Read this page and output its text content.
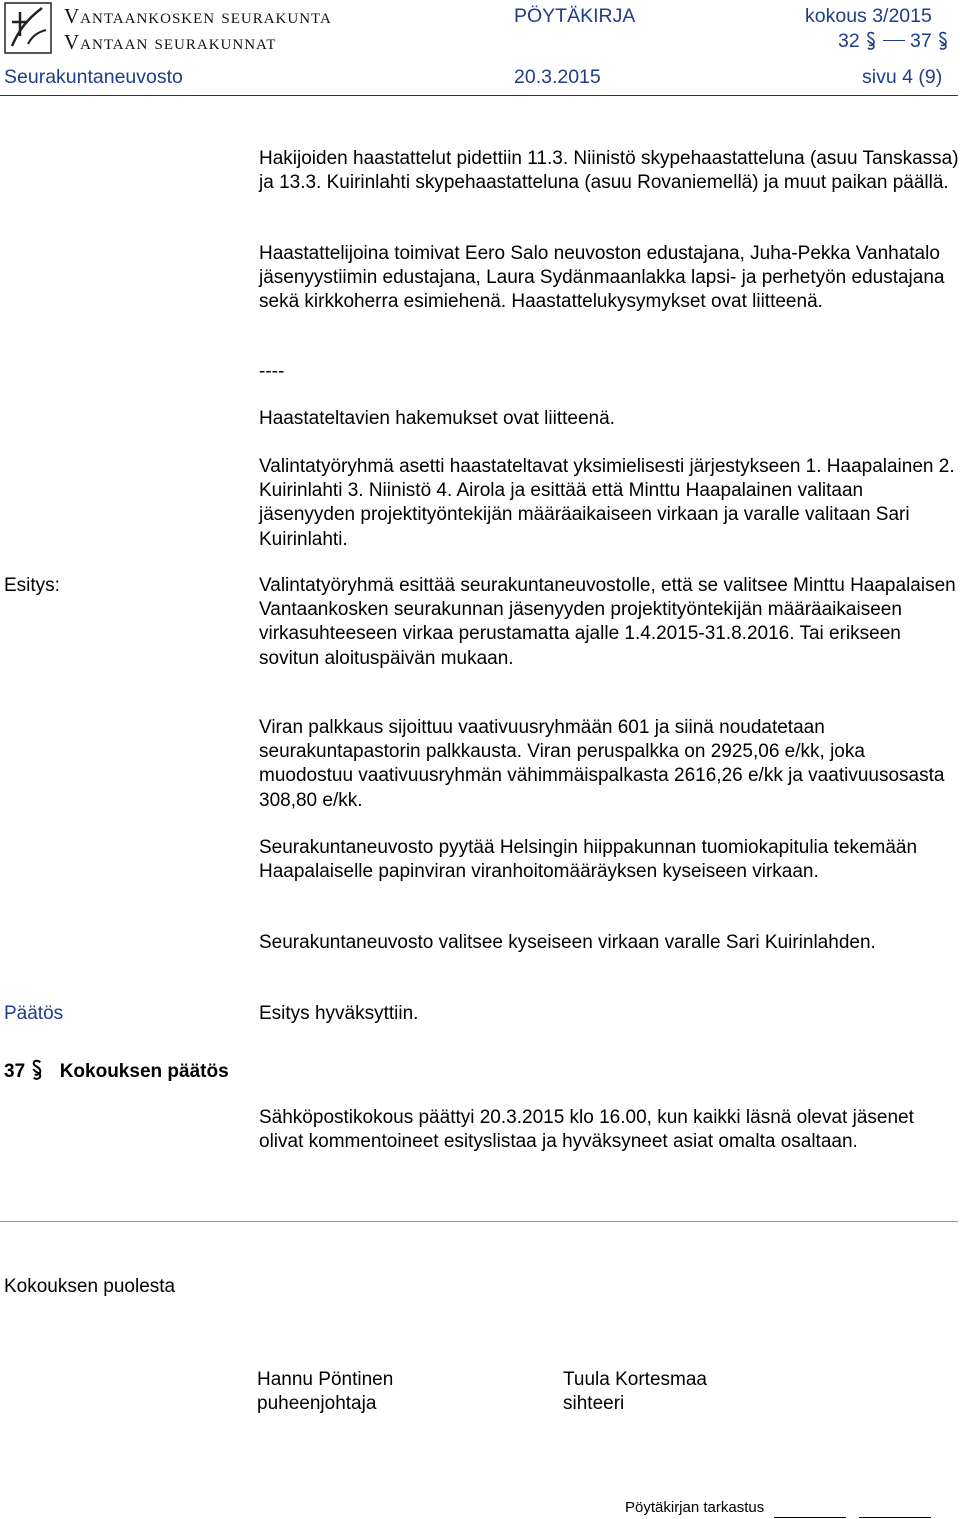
Vantaankosken seurakunta
Vantaan seurakunnat
PÖYTÄKIRJA	kokous 3/2015
32	37
Seurakuntaneuvosto	20.3.2015	sivu 4 (9)

Hakijoiden haastattelut pidettiin 11.3. Niinistö skypehaastatteluna (asuu Tanskassa) ja 13.3. Kuirinlahti skypehaastatteluna (asuu Rovaniemellä) ja muut paikan päällä.

Haastattelijoina toimivat Eero Salo neuvoston edustajana, Juha-Pekka Vanhatalo jäsenyystiimin edustajana, Laura Sydänmaanlakka lapsi- ja perhetyön edustajana sekä kirkkoherra esimiehenä. Haastattelukysymykset ovat liitteenä.

----

Haastateltavien hakemukset ovat liitteenä.

Valintatyöryhmä asetti haastateltavat yksimielisesti järjestykseen 1. Haapalainen 2. Kuirinlahti 3. Niinistö 4. Airola ja esittää että Minttu Haapalainen valitaan jäsenyyden projektityöntekijän määräaikaiseen virkaan ja varalle valitaan Sari Kuirinlahti.

Esitys:	Valintatyöryhmä esittää seurakuntaneuvostolle, että se valitsee Minttu Haapalaisen Vantaankosken seurakunnan jäsenyyden projektityöntekijän määräaikaiseen virkasuhteeseen virkaa perustamatta ajalle 1.4.2015-31.8.2016. Tai erikseen sovitun aloituspäivän mukaan.

Viran palkkaus sijoittuu vaativuusryhmään 601 ja siinä noudatetaan seurakuntapastorin palkkausta. Viran peruspalkka on 2925,06 e/kk, joka muodostuu vaativuusryhmän vähimmäispalkasta 2616,26 e/kk ja vaativuusosasta 308,80 e/kk.

Seurakuntaneuvosto pyytää Helsingin hiippakunnan tuomiokapitulia tekemään Haapalaiselle papinviran viranhoitomääräyksen kyseiseen virkaan.

Seurakuntaneuvosto valitsee kyseiseen virkaan varalle Sari Kuirinlahden.

Päätös	Esitys hyväksyttiin.

37 Kokouksen päätös

Sähköpostikokous päättyi 20.3.2015 klo 16.00, kun kaikki läsnä olevat jäsenet olivat kommentoineet esityslistaa ja hyväksyneet asiat omalta osaltaan.

Kokouksen puolesta
Hannu Pöntinen
puheenjohtaja
Tuula Kortesmaa
sihteeri
Pöytäkirjan tarkastus
